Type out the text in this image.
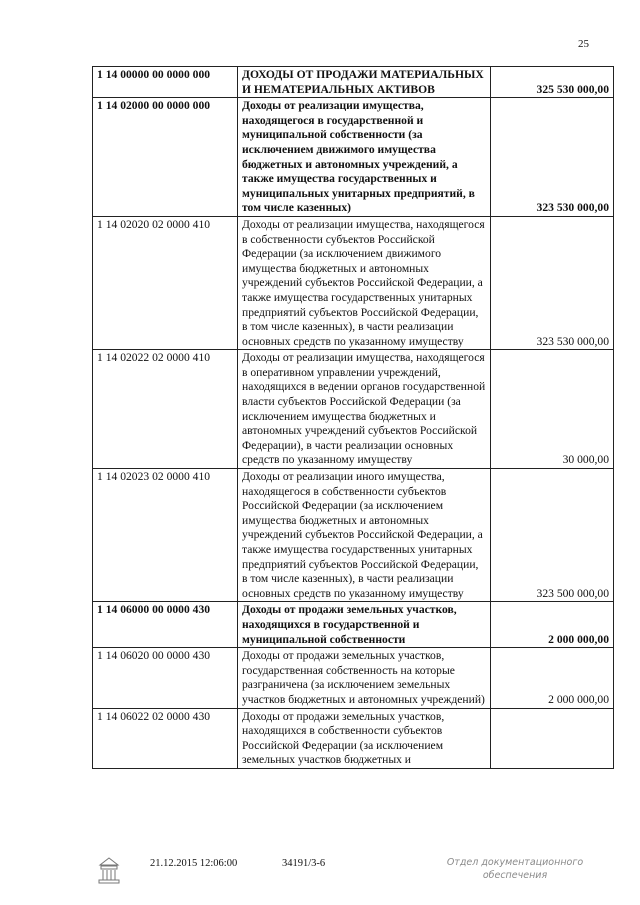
25
1 14 00000 00 0000 000	ДОХОДЫ ОТ ПРОДАЖИ МАТЕРИАЛЬНЫХ И НЕМАТЕРИАЛЬНЫХ АКТИВОВ	325 530 000,00
1 14 02000 00 0000 000	Доходы от реализации имущества, находящегося в государственной и муниципальной собственности (за исключением движимого имущества бюджетных и автономных учреждений, а также имущества государственных и муниципальных унитарных предприятий, в том числе казенных)	323 530 000,00
1 14 02020 02 0000 410	Доходы от реализации имущества, находящегося в собственности субъектов Российской Федерации (за исключением движимого имущества бюджетных и автономных учреждений субъектов Российской Федерации, а также имущества государственных унитарных предприятий субъектов Российской Федерации, в том числе казенных), в части реализации основных средств по указанному имуществу	323 530 000,00
1 14 02022 02 0000 410	Доходы от реализации имущества, находящегося в оперативном управлении учреждений, находящихся в ведении органов государственной власти субъектов Российской Федерации (за исключением имущества бюджетных и автономных учреждений субъектов Российской Федерации), в части реализации основных средств по указанному имуществу	30 000,00
1 14 02023 02 0000 410	Доходы от реализации иного имущества, находящегося в собственности субъектов Российской Федерации (за исключением имущества бюджетных и автономных учреждений субъектов Российской Федерации, а также имущества государственных унитарных предприятий субъектов Российской Федерации, в том числе казенных), в части реализации основных средств по указанному имуществу	323 500 000,00
1 14 06000 00 0000 430	Доходы от продажи земельных участков, находящихся в государственной и муниципальной собственности	2 000 000,00
1 14 06020 00 0000 430	Доходы от продажи земельных участков, государственная собственность на которые разграничена (за исключением земельных участков бюджетных и автономных учреждений)	2 000 000,00
1 14 06022 02 0000 430	Доходы от продажи земельных участков, находящихся в собственности субъектов Российской Федерации (за исключением земельных участков бюджетных и	
21.12.2015 12:06:00	34191/3-6	Отдел документационного
обеспечения
